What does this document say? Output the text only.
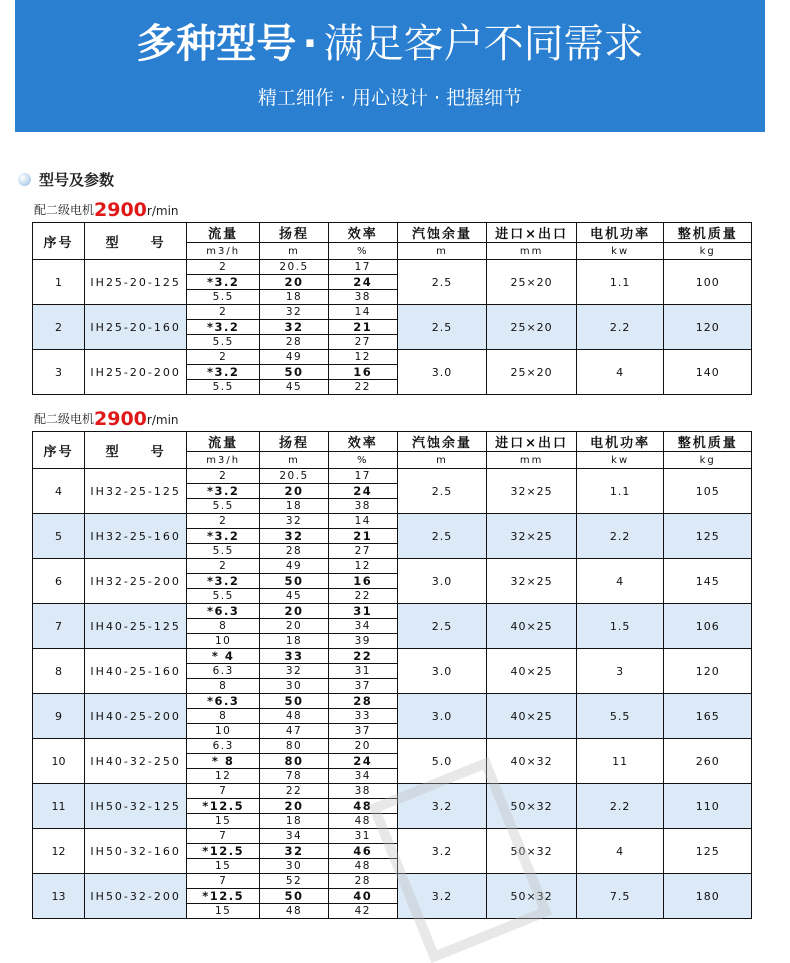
多种型号 · 满足客户不同需求
精工细作 · 用心设计 · 把握细节
型号及参数
配二级电机 2900 r/min
序号	型　　号	流量	扬程	效率	汽蚀余量	进口×出口	电机功率	整机质量
		m3/h	m	%	m	mm	kw	kg
1	IH25-20-125	2	20.5	17	2.5	25×20	1.1	100
		*3.2	20	24				
		5.5	18	38				
2	IH25-20-160	2	32	14	2.5	25×20	2.2	120
		*3.2	32	21				
		5.5	28	27				
3	IH25-20-200	2	49	12	3.0	25×20	4	140
		*3.2	50	16				
		5.5	45	22				
配二级电机 2900 r/min
序号	型　　号	流量	扬程	效率	汽蚀余量	进口×出口	电机功率	整机质量
		m3/h	m	%	m	mm	kw	kg
4	IH32-25-125	2	20.5	17	2.5	32×25	1.1	105
		*3.2	20	24				
		5.5	18	38				
5	IH32-25-160	2	32	14	2.5	32×25	2.2	125
		*3.2	32	21				
		5.5	28	27				
6	IH32-25-200	2	49	12	3.0	32×25	4	145
		*3.2	50	16				
		5.5	45	22				
7	IH40-25-125	*6.3	20	31	2.5	40×25	1.5	106
		8	20	34				
		10	18	39				
8	IH40-25-160	* 4	33	22	3.0	40×25	3	120
		6.3	32	31				
		8	30	37				
9	IH40-25-200	*6.3	50	28	3.0	40×25	5.5	165
		8	48	33				
		10	47	37				
10	IH40-32-250	6.3	80	20	5.0	40×32	11	260
		* 8	80	24				
		12	78	34				
11	IH50-32-125	7	22	38	3.2	50×32	2.2	110
		*12.5	20	48				
		15	18	48				
12	IH50-32-160	7	34	31	3.2	50×32	4	125
		*12.5	32	46				
		15	30	48				
13	IH50-32-200	7	52	28	3.2	50×32	7.5	180
		*12.5	50	40				
		15	48	42				
